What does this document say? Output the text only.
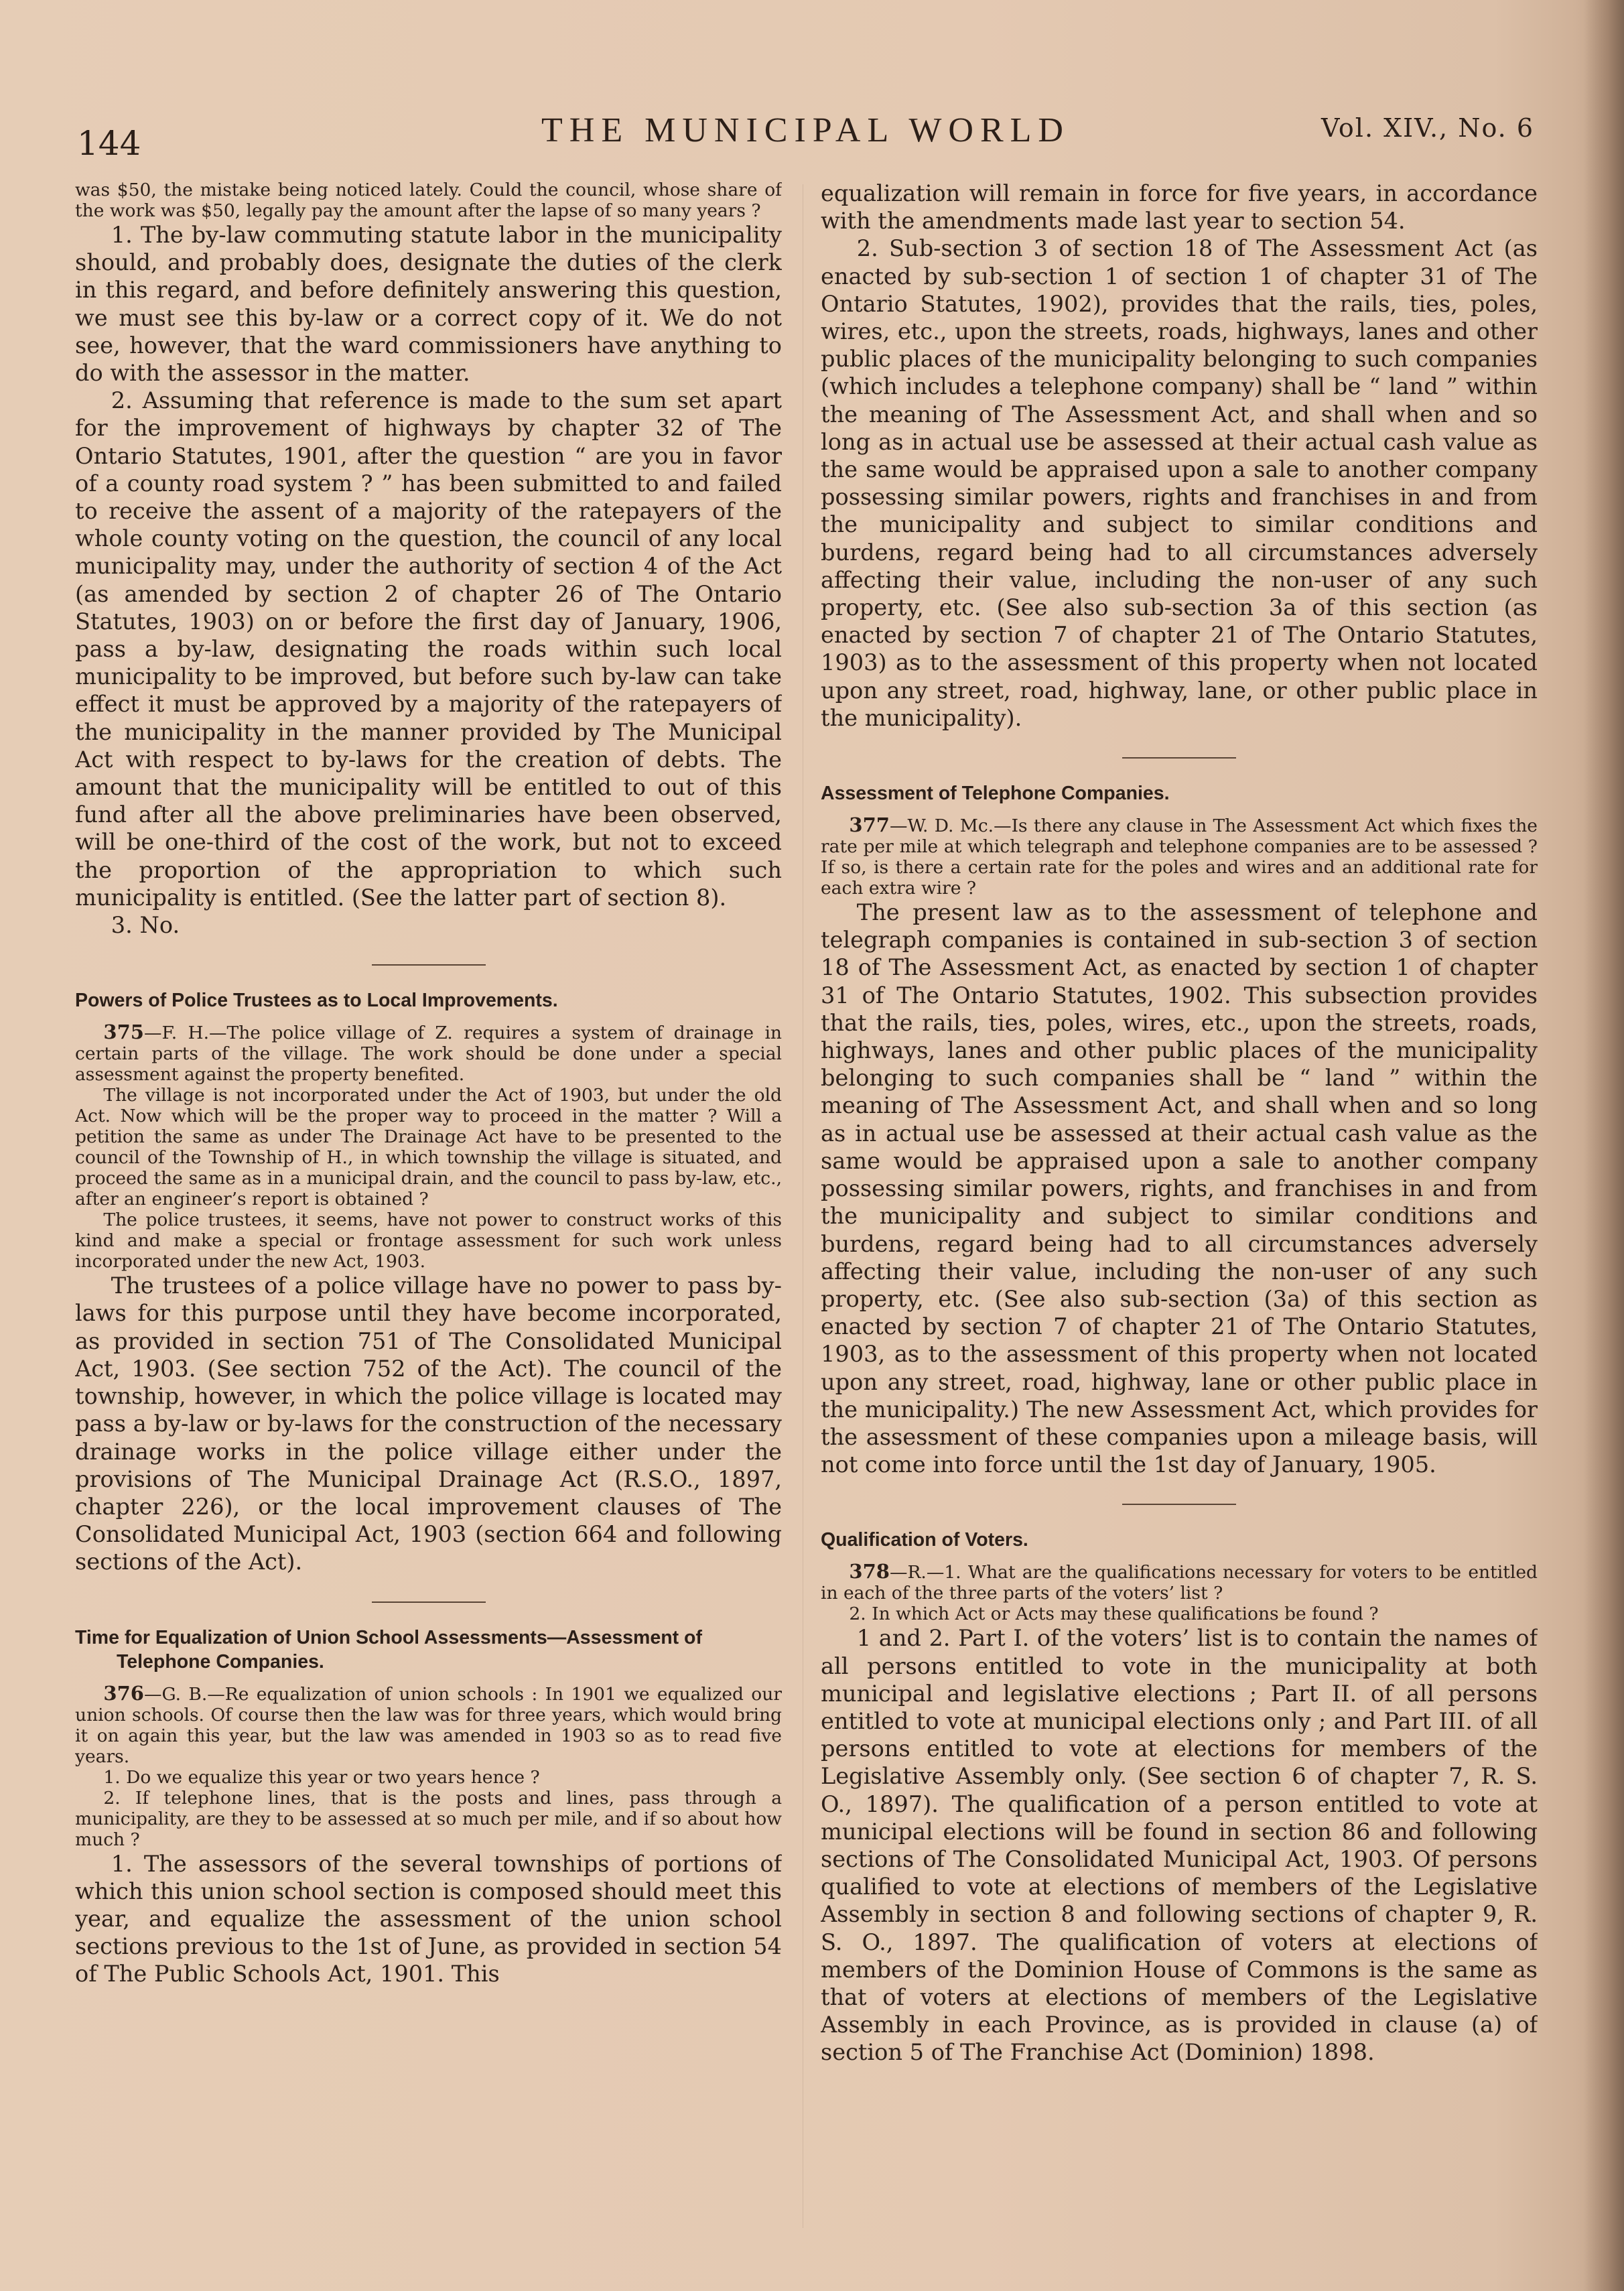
144	THE MUNICIPAL WORLD	Vol. XIV., No. 6

was $50, the mistake being noticed lately. Could the council, whose share of the work was $50, legally pay the amount after the lapse of so many years ?

1. The by-law commuting statute labor in the municipality should, and probably does, designate the duties of the clerk in this regard, and before definitely answering this question, we must see this by-law or a correct copy of it. We do not see, however, that the ward commissioners have anything to do with the assessor in the matter.

2. Assuming that reference is made to the sum set apart for the improvement of highways by chapter 32 of The Ontario Statutes, 1901, after the question “ are you in favor of a county road system ? ” has been submitted to and failed to receive the assent of a majority of the ratepayers of the whole county voting on the question, the council of any local municipality may, under the authority of section 4 of the Act (as amended by section 2 of chapter 26 of The Ontario Statutes, 1903) on or before the first day of January, 1906, pass a by-law, designating the roads within such local municipality to be improved, but before such by-law can take effect it must be approved by a majority of the ratepayers of the municipality in the manner provided by The Municipal Act with respect to by-laws for the creation of debts. The amount that the municipality will be entitled to out of this fund after all the above preliminaries have been observed, will be one-third of the cost of the work, but not to exceed the proportion of the appropriation to which such municipality is entitled. (See the latter part of section 8).

3. No.

Powers of Police Trustees as to Local Improvements.

375—F. H.—The police village of Z. requires a system of drainage in certain parts of the village. The work should be done under a special assessment against the property benefited.

The village is not incorporated under the Act of 1903, but under the old Act. Now which will be the proper way to proceed in the matter ? Will a petition the same as under The Drainage Act have to be presented to the council of the Township of H., in which township the village is situated, and proceed the same as in a municipal drain, and the council to pass by-law, etc., after an engineer’s report is obtained ?

The police trustees, it seems, have not power to construct works of this kind and make a special or frontage assessment for such work unless incorporated under the new Act, 1903.

The trustees of a police village have no power to pass by-laws for this purpose until they have become incorporated, as provided in section 751 of The Consolidated Municipal Act, 1903. (See section 752 of the Act). The council of the township, however, in which the police village is located may pass a by-law or by-laws for the construction of the necessary drainage works in the police village either under the provisions of The Municipal Drainage Act (R.S.O., 1897, chapter 226), or the local improvement clauses of The Consolidated Municipal Act, 1903 (section 664 and following sections of the Act).

Time for Equalization of Union School Assessments—Assessment of Telephone Companies.

376—G. B.—Re equalization of union schools : In 1901 we equalized our union schools. Of course then the law was for three years, which would bring it on again this year, but the law was amended in 1903 so as to read five years.

1. Do we equalize this year or two years hence ?

2. If telephone lines, that is the posts and lines, pass through a municipality, are they to be assessed at so much per mile, and if so about how much ?

1. The assessors of the several townships of portions of which this union school section is composed should meet this year, and equalize the assessment of the union school sections previous to the 1st of June, as provided in section 54 of The Public Schools Act, 1901. This

equalization will remain in force for five years, in accordance with the amendments made last year to section 54.

2. Sub-section 3 of section 18 of The Assessment Act (as enacted by sub-section 1 of section 1 of chapter 31 of The Ontario Statutes, 1902), provides that the rails, ties, poles, wires, etc., upon the streets, roads, highways, lanes and other public places of the municipality belonging to such companies (which includes a telephone company) shall be “ land ” within the meaning of The Assessment Act, and shall when and so long as in actual use be assessed at their actual cash value as the same would be appraised upon a sale to another company possessing similar powers, rights and franchises in and from the municipality and subject to similar conditions and burdens, regard being had to all circumstances adversely affecting their value, including the non-user of any such property, etc. (See also sub-section 3a of this section (as enacted by section 7 of chapter 21 of The Ontario Statutes, 1903) as to the assessment of this property when not located upon any street, road, highway, lane, or other public place in the municipality).

Assessment of Telephone Companies.

377—W. D. Mc.—Is there any clause in The Assessment Act which fixes the rate per mile at which telegraph and telephone companies are to be assessed ? If so, is there a certain rate for the poles and wires and an additional rate for each extra wire ?

The present law as to the assessment of telephone and telegraph companies is contained in sub-section 3 of section 18 of The Assessment Act, as enacted by section 1 of chapter 31 of The Ontario Statutes, 1902. This subsection provides that the rails, ties, poles, wires, etc., upon the streets, roads, highways, lanes and other public places of the municipality belonging to such companies shall be “ land ” within the meaning of The Assessment Act, and shall when and so long as in actual use be assessed at their actual cash value as the same would be appraised upon a sale to another company possessing similar powers, rights, and franchises in and from the municipality and subject to similar conditions and burdens, regard being had to all circumstances adversely affecting their value, including the non-user of any such property, etc. (See also sub-section (3a) of this section as enacted by section 7 of chapter 21 of The Ontario Statutes, 1903, as to the assessment of this property when not located upon any street, road, highway, lane or other public place in the municipality.) The new Assessment Act, which provides for the assessment of these companies upon a mileage basis, will not come into force until the 1st day of January, 1905.

Qualification of Voters.

378—R.—1. What are the qualifications necessary for voters to be entitled in each of the three parts of the voters’ list ?

2. In which Act or Acts may these qualifications be found ?

1 and 2. Part I. of the voters’ list is to contain the names of all persons entitled to vote in the municipality at both municipal and legislative elections ; Part II. of all persons entitled to vote at municipal elections only ; and Part III. of all persons entitled to vote at elections for members of the Legislative Assembly only. (See section 6 of chapter 7, R. S. O., 1897). The qualification of a person entitled to vote at municipal elections will be found in section 86 and following sections of The Consolidated Municipal Act, 1903. Of persons qualified to vote at elections of members of the Legislative Assembly in section 8 and following sections of chapter 9, R. S. O., 1897. The qualification of voters at elections of members of the Dominion House of Commons is the same as that of voters at elections of members of the Legislative Assembly in each Province, as is provided in clause (a) of section 5 of The Franchise Act (Dominion) 1898.
